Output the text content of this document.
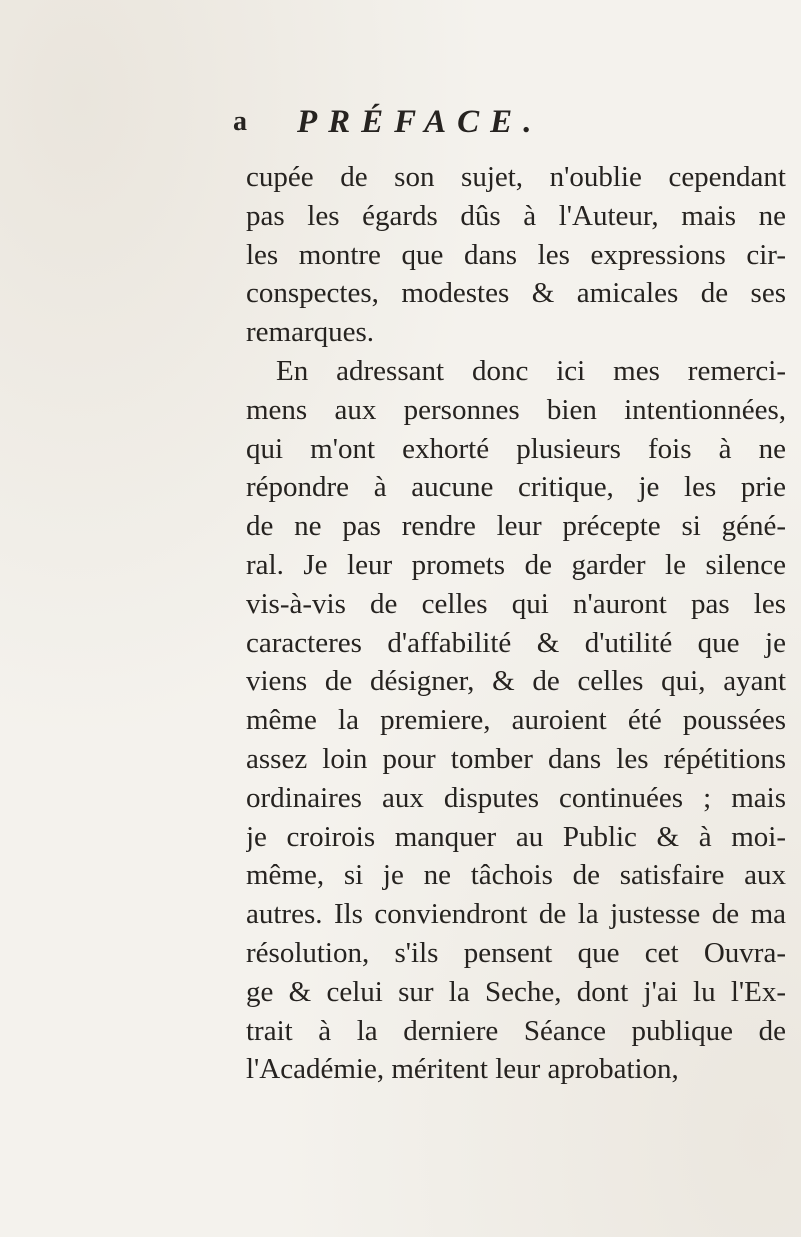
a PRÉFACE.
cupée de son sujet, n'oublie cependant
pas les égards dûs à l'Auteur, mais ne
les montre que dans les expressions cir-
conspectes, modestes & amicales de ses
remarques.
En adressant donc ici mes remerci-
mens aux personnes bien intentionnées,
qui m'ont exhorté plusieurs fois à ne
répondre à aucune critique, je les prie
de ne pas rendre leur précepte si géné-
ral. Je leur promets de garder le silence
vis-à-vis de celles qui n'auront pas les
caracteres d'affabilité & d'utilité que je
viens de désigner, & de celles qui, ayant
même la premiere, auroient été poussées
assez loin pour tomber dans les répétitions
ordinaires aux disputes continuées ; mais
je croirois manquer au Public & à moi-
même, si je ne tâchois de satisfaire aux
autres. Ils conviendront de la justesse de ma
résolution, s'ils pensent que cet Ouvra-
ge & celui sur la Seche, dont j'ai lu l'Ex-
trait à la derniere Séance publique de
l'Académie, méritent leur aprobation,
